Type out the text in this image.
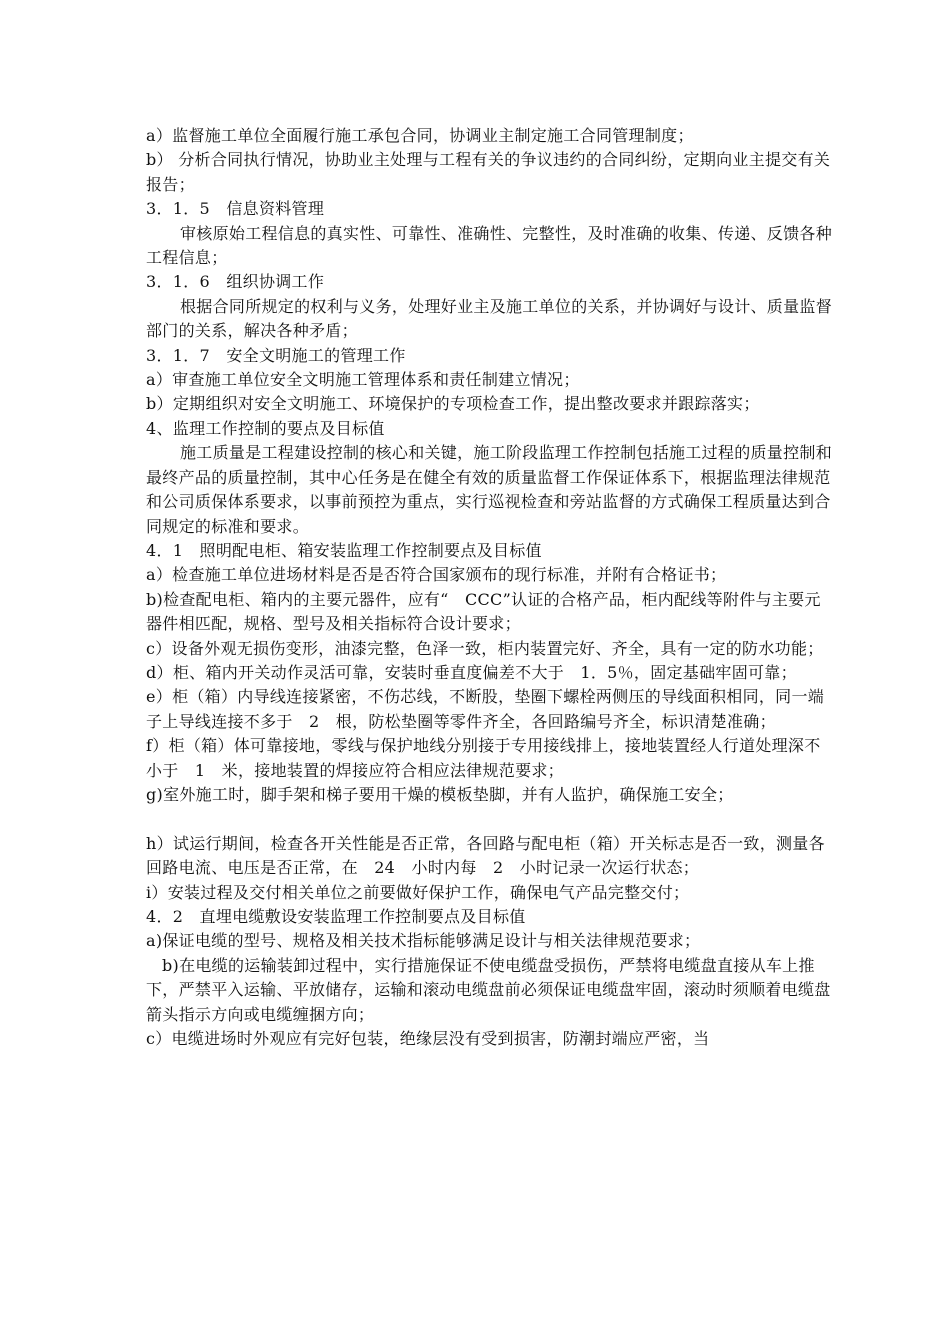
a）监督施工单位全面履行施工承包合同，协调业主制定施工合同管理制度；

b） 分析合同执行情况，协助业主处理与工程有关的争议违约的合同纠纷，定期向业主提交有关报告；

3．1．5　信息资料管理

审核原始工程信息的真实性、可靠性、准确性、完整性，及时准确的收集、传递、反馈各种工程信息；

3．1．6　组织协调工作

根据合同所规定的权利与义务，处理好业主及施工单位的关系，并协调好与设计、质量监督部门的关系，解决各种矛盾；

3．1．7　安全文明施工的管理工作

a）审查施工单位安全文明施工管理体系和责任制建立情况；

b）定期组织对安全文明施工、环境保护的专项检查工作，提出整改要求并跟踪落实；

4、监理工作控制的要点及目标值

施工质量是工程建设控制的核心和关键，施工阶段监理工作控制包括施工过程的质量控制和最终产品的质量控制，其中心任务是在健全有效的质量监督工作保证体系下，根据监理法律规范和公司质保体系要求，以事前预控为重点，实行巡视检查和旁站监督的方式确保工程质量达到合同规定的标准和要求。

4．1　照明配电柜、箱安装监理工作控制要点及目标值

a）检查施工单位进场材料是否是否符合国家颁布的现行标准，并附有合格证书；

b)检查配电柜、箱内的主要元器件，应有“　CCC”认证的合格产品，柜内配线等附件与主要元器件相匹配，规格、型号及相关指标符合设计要求；

c）设备外观无损伤变形，油漆完整，色泽一致，柜内装置完好、齐全，具有一定的防水功能；

d）柜、箱内开关动作灵活可靠，安装时垂直度偏差不大于　1．5％，固定基础牢固可靠；

e）柜（箱）内导线连接紧密，不伤芯线，不断股，垫圈下螺栓两侧压的导线面积相同，同一端子上导线连接不多于　2　根，防松垫圈等零件齐全，各回路编号齐全，标识清楚准确；

f）柜（箱）体可靠接地，零线与保护地线分别接于专用接线排上，接地装置经人行道处理深不小于　1　米，接地装置的焊接应符合相应法律规范要求；

g)室外施工时，脚手架和梯子要用干燥的模板垫脚，并有人监护，确保施工安全；

h）试运行期间，检查各开关性能是否正常，各回路与配电柜（箱）开关标志是否一致，测量各回路电流、电压是否正常，在　24　小时内每　2　小时记录一次运行状态；

i）安装过程及交付相关单位之前要做好保护工作，确保电气产品完整交付；

4．2　直埋电缆敷设安装监理工作控制要点及目标值

a)保证电缆的型号、规格及相关技术指标能够满足设计与相关法律规范要求；

b)在电缆的运输装卸过程中，实行措施保证不使电缆盘受损伤，严禁将电缆盘直接从车上推下，严禁平入运输、平放储存，运输和滚动电缆盘前必须保证电缆盘牢固，滚动时须顺着电缆盘箭头指示方向或电缆缠捆方向；

c）电缆进场时外观应有完好包装，绝缘层没有受到损害，防潮封端应严密，当
